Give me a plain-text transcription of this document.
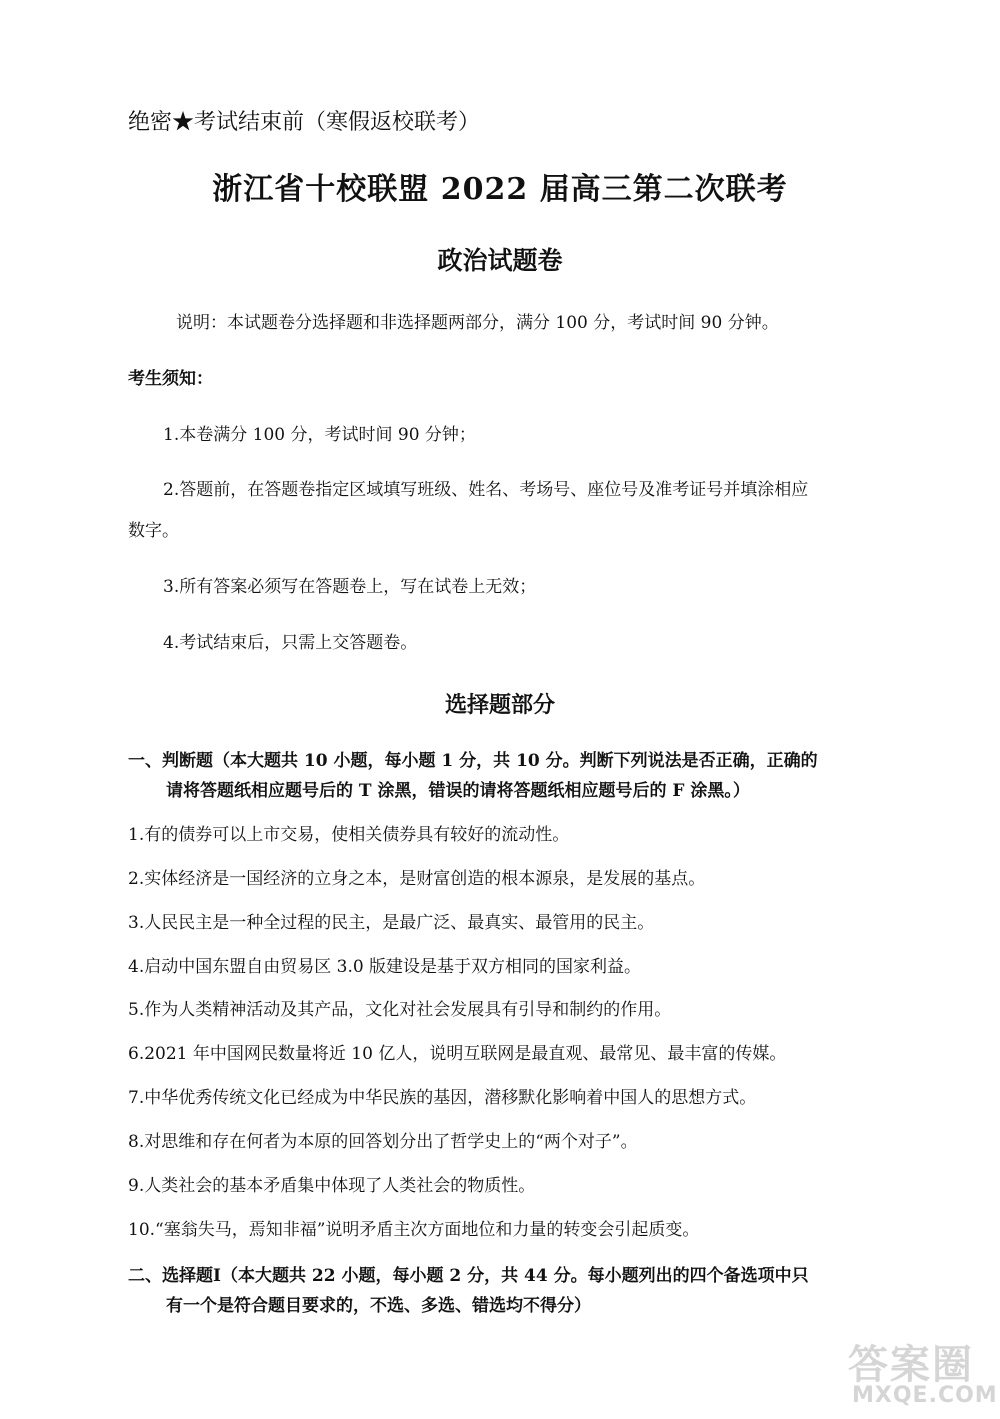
绝密★考试结束前（寒假返校联考）
浙江省十校联盟 2022 届高三第二次联考
政治试题卷
说明：本试题卷分选择题和非选择题两部分，满分 100 分，考试时间 90 分钟。
考生须知：
1.本卷满分 100 分，考试时间 90 分钟；
2.答题前，在答题卷指定区域填写班级、姓名、考场号、座位号及准考证号并填涂相应
数字。
3.所有答案必须写在答题卷上，写在试卷上无效；
4.考试结束后，只需上交答题卷。
选择题部分
一、判断题（本大题共 10 小题，每小题 1 分，共 10 分。判断下列说法是否正确，正确的
请将答题纸相应题号后的 T 涂黑，错误的请将答题纸相应题号后的 F 涂黑。）
1.有的债券可以上市交易，使相关债券具有较好的流动性。
2.实体经济是一国经济的立身之本，是财富创造的根本源泉，是发展的基点。
3.人民民主是一种全过程的民主，是最广泛、最真实、最管用的民主。
4.启动中国东盟自由贸易区 3.0 版建设是基于双方相同的国家利益。
5.作为人类精神活动及其产品，文化对社会发展具有引导和制约的作用。
6.2021 年中国网民数量将近 10 亿人，说明互联网是最直观、最常见、最丰富的传媒。
7.中华优秀传统文化已经成为中华民族的基因，潜移默化影响着中国人的思想方式。
8.对思维和存在何者为本原的回答划分出了哲学史上的“两个对子”。
9.人类社会的基本矛盾集中体现了人类社会的物质性。
10.“塞翁失马，焉知非福”说明矛盾主次方面地位和力量的转变会引起质变。
二、选择题Ⅰ（本大题共 22 小题，每小题 2 分，共 44 分。每小题列出的四个备选项中只
有一个是符合题目要求的，不选、多选、错选均不得分）
答案圈
MXQE.COM
